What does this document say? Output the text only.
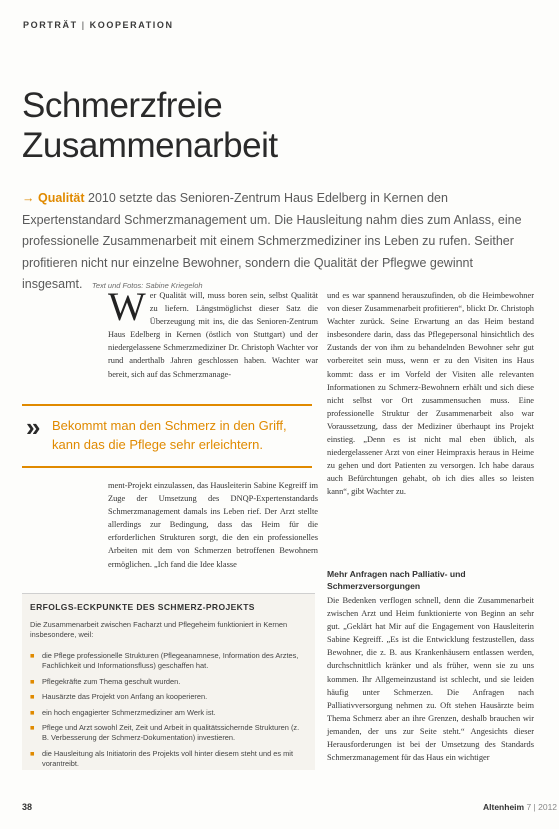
PORTRÄT | KOOPERATION
Schmerzfreie
Zusammenarbeit
→ Qualität 2010 setzte das Senioren-Zentrum Haus Edelberg in Kernen den Expertenstandard Schmerzmanagement um. Die Hausleitung nahm dies zum Anlass, eine professionelle Zusammenarbeit mit einem Schmerzmediziner ins Leben zu rufen. Seither profitieren nicht nur einzelne Bewohner, sondern die Qualität der Pflegwe gewinnt insgesamt. Text und Fotos: Sabine Kriegeloh
W er Qualität will, muss boren sein, selbst Qualität zu liefern. Längstmöglichst dieser Satz die Überzeugung mit ins, die das Senioren-Zentrum Haus Edelberg in Kernen (östlich von Stuttgart) und der niedergelassene Schmerzmediziner Dr. Christoph Wachter vor rund anderthalb Jahren geschlossen haben. Wachter war bereit, sich auf das Schmerzmanage-
» Bekommt man den Schmerz in den Griff, kann das die Pflege sehr erleichtern.
ment-Projekt einzulassen, das Hausleiterin Sabine Kegreiff im Zuge der Umsetzung des DNQP-Expertenstandards Schmerzmanagement damals ins Leben rief. Der Arzt stellte allerdings zur Bedingung, dass das Heim für die erforderlichen Strukturen sorgt, die den ein professionelles Arbeiten mit dem von Schmerzen betroffenen Bewohnern ermöglichen. „Ich fand die Idee klasse
ERFOLGS-ECKPUNKTE DES SCHMERZ-PROJEKTS
Die Zusammenarbeit zwischen Facharzt und Pflegeheim funktioniert in Kernen insbesondere, weil:
■ die Pflege professionelle Strukturen (Pflegeanamnese, Information des Arztes, Fachlichkeit und Informationsfluss) geschaffen hat.
■ Pflegekräfte zum Thema geschult wurden.
■ Hausärzte das Projekt von Anfang an kooperieren.
■ ein hoch engagierter Schmerzmediziner am Werk ist.
■ Pflege und Arzt sowohl Zeit, Zeit und Arbeit in qualitätssichernde Strukturen (z. B. Verbesserung der Schmerz-Dokumentation) investieren.
■ die Hausleitung als Initiatorin des Projekts voll hinter diesem steht und es mit vorantreibt.
und es war spannend herauszufinden, ob die Heimbewohner von dieser Zusammenarbeit profitieren“, blickt Dr. Christoph Wachter zurück. Seine Erwartung an das Heim bestand insbesondere darin, dass das Pflegepersonal hinsichtlich des Zustands der von ihm zu behandelnden Bewohner sehr gut vorbereitet sein muss, wenn er zu den Visiten ins Haus kommt: dass er im Vorfeld der Visiten alle relevanten Informationen zu Schmerz-Bewohnern erhält und sich diese nicht selbst vor Ort zusammensuchen muss. Eine professionelle Struktur der Zusammenarbeit also war Voraussetzung, dass der Mediziner überhaupt ins Projekt einstieg. „Denn es ist nicht mal eben üblich, als niedergelassener Arzt von einer Heimpraxis heraus in Heime zu gehen und dort Patienten zu versorgen. Ich habe daraus auch Befürchtungen gehabt, ob ich dies alles so leisten kann“, gibt Wachter zu.
Mehr Anfragen nach Palliativ- und Schmerzversorgungen
Die Bedenken verflogen schnell, denn die Zusammenarbeit zwischen Arzt und Heim funktionierte von Beginn an sehr gut. „Geklärt hat Mir auf die Engagement von Hausleiterin Sabine Kegreiff. „Es ist die Entwicklung festzustellen, dass Bewohner, die z. B. aus Krankenhäusern entlassen werden, durchschnittlich kränker und als früher, wenn sie zu uns kommen. Ihr Allgemeinzustand ist schlecht, und sie leiden häufig unter Schmerzen. Die Anfragen nach Palliativversorgung nehmen zu. Oft stehen Hausärzte beim Thema Schmerz aber an ihre Grenzen, deshalb brauchen wir jemanden, der uns zur Seite steht.“ Angesichts dieser Herausforderungen ist bei der Umsetzung des Standards Schmerzmanagement für das Haus ein wichtiger
38	Altenheim 7 | 2012
